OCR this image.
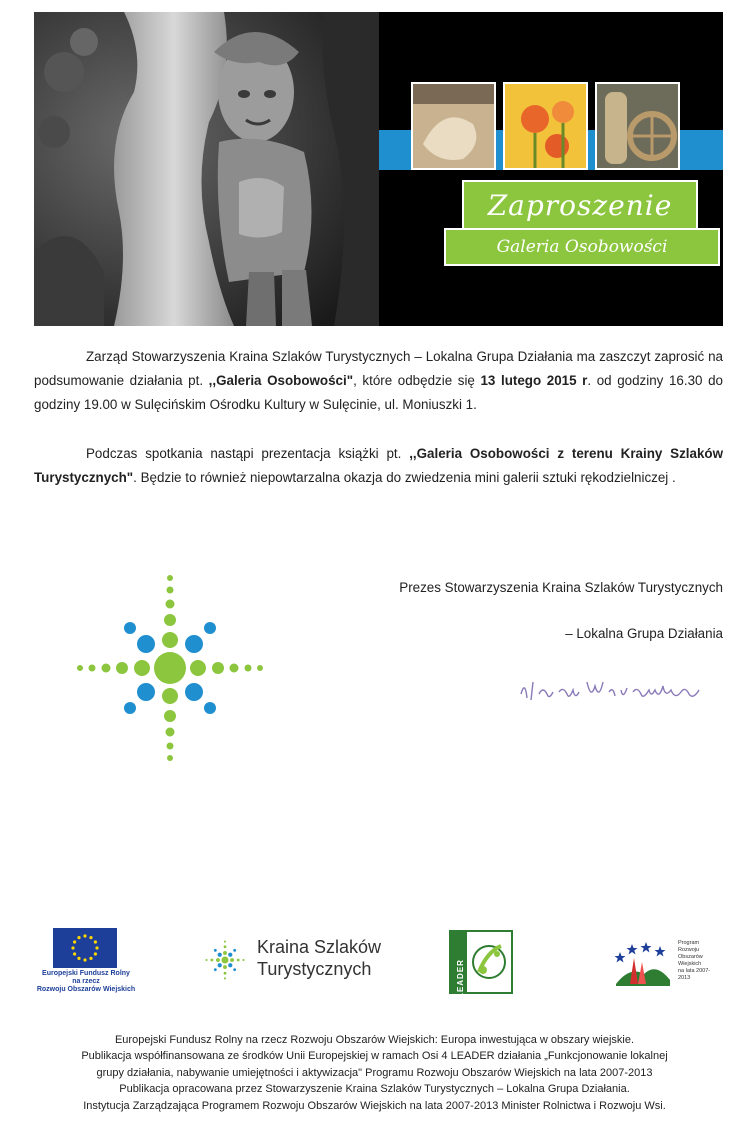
Zaproszenie
Galeria Osobowości

Zarząd Stowarzyszenia Kraina Szlaków Turystycznych – Lokalna Grupa Działania ma zaszczyt zaprosić na podsumowanie działania pt. ,,Galeria Osobowości", które odbędzie się 13 lutego 2015 r. od godziny 16.30 do godziny 19.00 w Sulęcińskim Ośrodku Kultury w Sulęcinie, ul. Moniuszki 1.

Podczas spotkania nastąpi prezentacja książki pt. ,,Galeria Osobowości z terenu Krainy Szlaków Turystycznych". Będzie to również niepowtarzalna okazja do zwiedzenia mini galerii sztuki rękodzielniczej .

Prezes Stowarzyszenia Kraina Szlaków Turystycznych
– Lokalna Grupa Działania
Europejski Fundusz Rolny
na rzecz
Rozwoju Obszarów Wiejskich
Kraina Szlaków
Turystycznych	LEADER
Program
Rozwoju
Obszarów
Wiejskich
na lata 2007-2013
Europejski Fundusz Rolny na rzecz Rozwoju Obszarów Wiejskich: Europa inwestująca w obszary wiejskie.
Publikacja współfinansowana ze środków Unii Europejskiej w ramach Osi 4 LEADER działania „Funkcjonowanie lokalnej
grupy działania, nabywanie umiejętności i aktywizacja" Programu Rozwoju Obszarów Wiejskich na lata 2007-2013
Publikacja opracowana przez Stowarzyszenie Kraina Szlaków Turystycznych – Lokalna Grupa Działania.
Instytucja Zarządzająca Programem Rozwoju Obszarów Wiejskich na lata 2007-2013 Minister Rolnictwa i Rozwoju Wsi.
